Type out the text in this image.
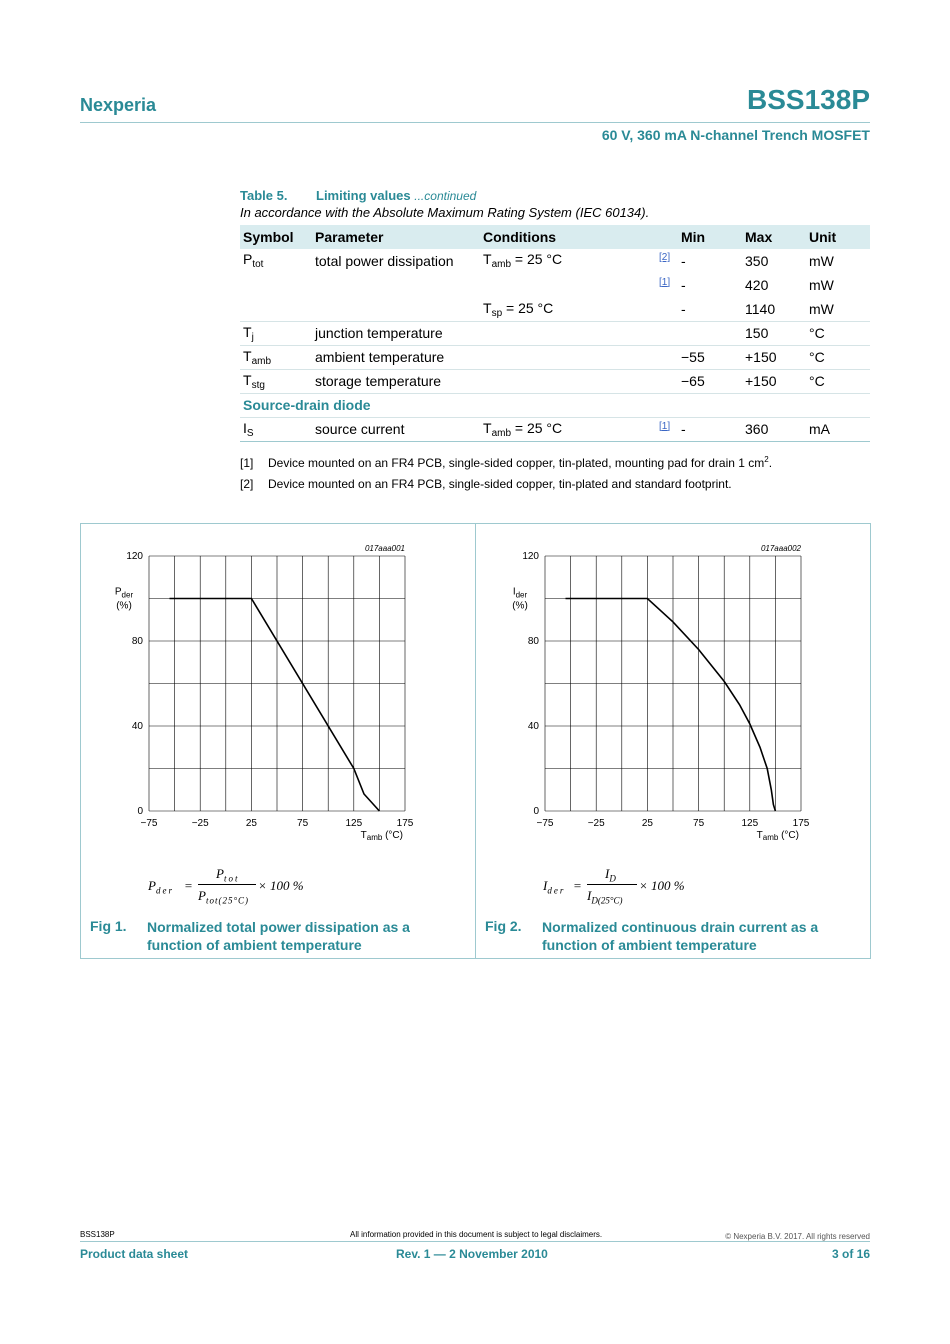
Nexperia	BSS138P
60 V, 360 mA N-channel Trench MOSFET
Table 5. Limiting values ...continued
In accordance with the Absolute Maximum Rating System (IEC 60134).
Symbol	Parameter	Conditions		Min	Max	Unit
$P_{tot}$	total power dissipation	$T_{amb} = 25$ °C	[2]	-	350	mW
			[1]	-	420	mW
		$T_{sp} = 25$ °C		-	1140	mW
$T_j$	junction temperature				150	°C
$T_{amb}$	ambient temperature			−55	+150	°C
$T_{stg}$	storage temperature			−65	+150	°C
Source-drain diode						
$I_S$	source current	$T_{amb} = 25$ °C	[1]	-	360	mA
[1] Device mounted on an FR4 PCB, single-sided copper, tin-plated, mounting pad for drain 1 $cm^2$.
[2] Device mounted on an FR4 PCB, single-sided copper, tin-plated and standard footprint.
0
40
80
120
−75	−25	25	75	125	175
017aaa001
$P_{der}$
(%)
$T_{amb}$ (°C)
0
40
80
120
−75	−25	25	75	125	175
017aaa002
$I_{der}$
(%)
$T_{amb}$ (°C)
$P_{der}$ =
$P_{tot}$
$P_{tot(25^\circ C)}$
× 100 %	$I_{der}$ =
$I_D$
$I_{D(25^\circ C)}$
× 100 %
Fig 1. Normalized total power dissipation as a
function of ambient temperature
Fig 2. Normalized continuous drain current as a
function of ambient temperature
BSS138P	All information provided in this document is subject to legal disclaimers.	© Nexperia B.V. 2017. All rights reserved
Product data sheet	Rev. 1 — 2 November 2010	3 of 16
